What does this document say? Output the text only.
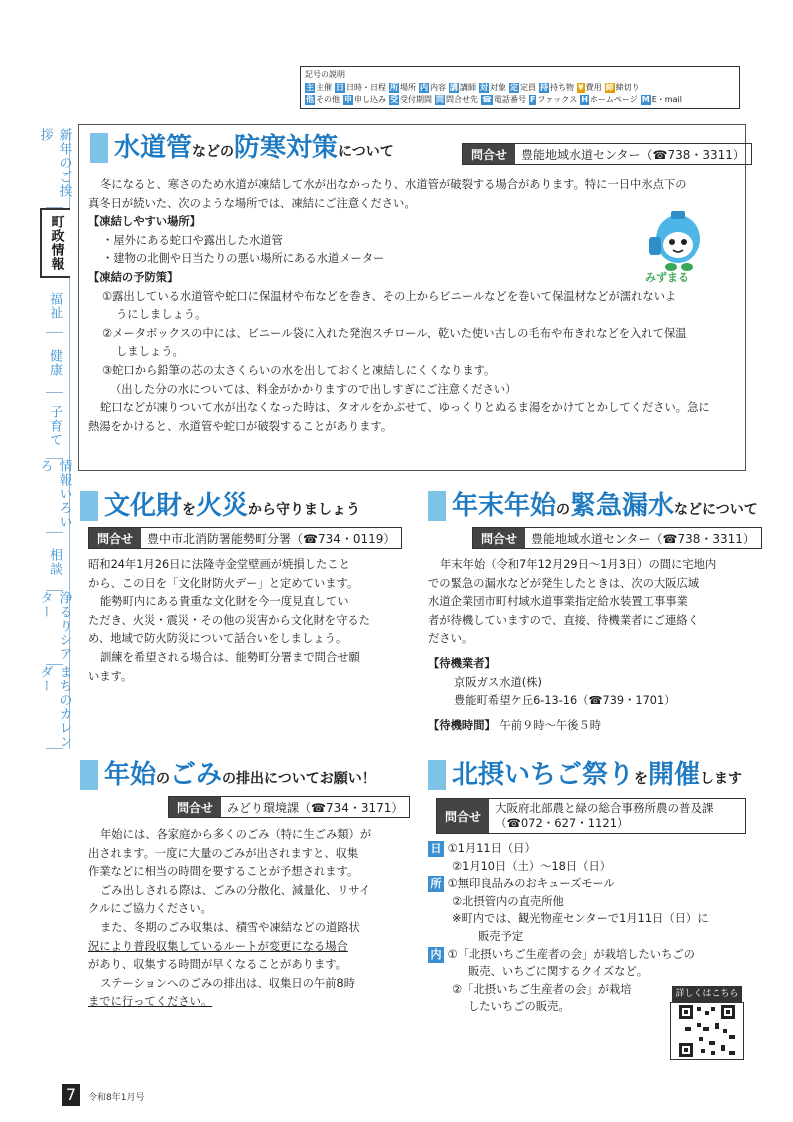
記号の説明
主 主催 日 日時・日程 所 場所 内 内容 講 講師 対 対象 定 定員 持 持ち物 ¥ 費用 締 締切り
他 その他 申 申し込み 受 受付期間 問 問合せ先 ☎ 電話番号 F ファックス H ホームページ M E・mail
新年のご挨拶
町政情報
福祉
健康
子育て
情報いろいろ
相談
浄るりシアター
まちのカレンダー
水道管 などの 防寒対策 について	問合せ	豊能地域水道センター（☎738・3311）
冬になると、寒さのため水道が凍結して水が出なかったり、水道管が破裂する場合があります。特に一日中氷点下の
真冬日が続いた、次のような場所では、凍結にご注意ください。
【凍結しやすい場所】
・屋外にある蛇口や露出した水道管
・建物の北側や日当たりの悪い場所にある水道メーター
【凍結の予防策】
①露出している水道管や蛇口に保温材や布などを巻き、その上からビニールなどを巻いて保温材などが濡れないよ
うにしましょう。
②メータボックスの中には、ビニール袋に入れた発泡スチロール、乾いた使い古しの毛布や布きれなどを入れて保温
しましょう。
③蛇口から鉛筆の芯の太さくらいの水を出しておくと凍結しにくくなります。
（出した分の水については、料金がかかりますので出しすぎにご注意ください）
蛇口などが凍りついて水が出なくなった時は、タオルをかぶせて、ゆっくりとぬるま湯をかけてとかしてください。急に
熱湯をかけると、水道管や蛇口が破裂することがあります。
みずまる
文化財 を 火災 から守りましょう
問合せ	豊中市北消防署能勢町分署（☎734・0119）
昭和24年1月26日に法隆寺金堂壁画が焼損したこと
から、この日を「文化財防火デー」と定めています。
能勢町内にある貴重な文化財を今一度見直してい
ただき、火災・震災・その他の災害から文化財を守るた
め、地域で防火防災について話合いをしましょう。
訓練を希望される場合は、能勢町分署まで問合せ願
います。
年末年始 の 緊急漏水 などについて
問合せ	豊能地域水道センター（☎738・3311）
年末年始（令和7年12月29日～1月3日）の間に宅地内
での緊急の漏水などが発生したときは、次の大阪広域
水道企業団市町村域水道事業指定給水装置工事事業
者が待機していますので、直接、待機業者にご連絡く
ださい。
【待機業者】
京阪ガス水道(株)
豊能町希望ケ丘6-13-16（☎739・1701）
【待機時間】 午前９時～午後５時
年始 の ごみ の排出についてお願い！
問合せ	みどり環境課（☎734・3171）
年始には、各家庭から多くのごみ（特に生ごみ類）が
出されます。一度に大量のごみが出されますと、収集
作業などに相当の時間を要することが予想されます。
ごみ出しされる際は、ごみの分散化、減量化、リサイ
クルにご協力ください。
また、冬期のごみ収集は、積雪や凍結などの道路状
況により普段収集しているルートが変更になる場合
があり、収集する時間が早くなることがあります。
ステーションへのごみの排出は、収集日の午前8時
までに行ってください。
北摂いちご祭り を 開催 します
問合せ
大阪府北部農と緑の総合事務所農の普及課
（☎072・627・1121）
日 ①1月11日（日）
②1月10日（土）～18日（日）
所 ①無印良品みのおキューズモール
②北摂管内の直売所他
※町内では、観光物産センターで1月11日（日）に
販売予定
内 ①「北摂いちご生産者の会」が栽培したいちごの
販売、いちごに関するクイズなど。
②「北摂いちご生産者の会」が栽培
したいちごの販売。
詳しくはこちら
7	令和8年1月号
